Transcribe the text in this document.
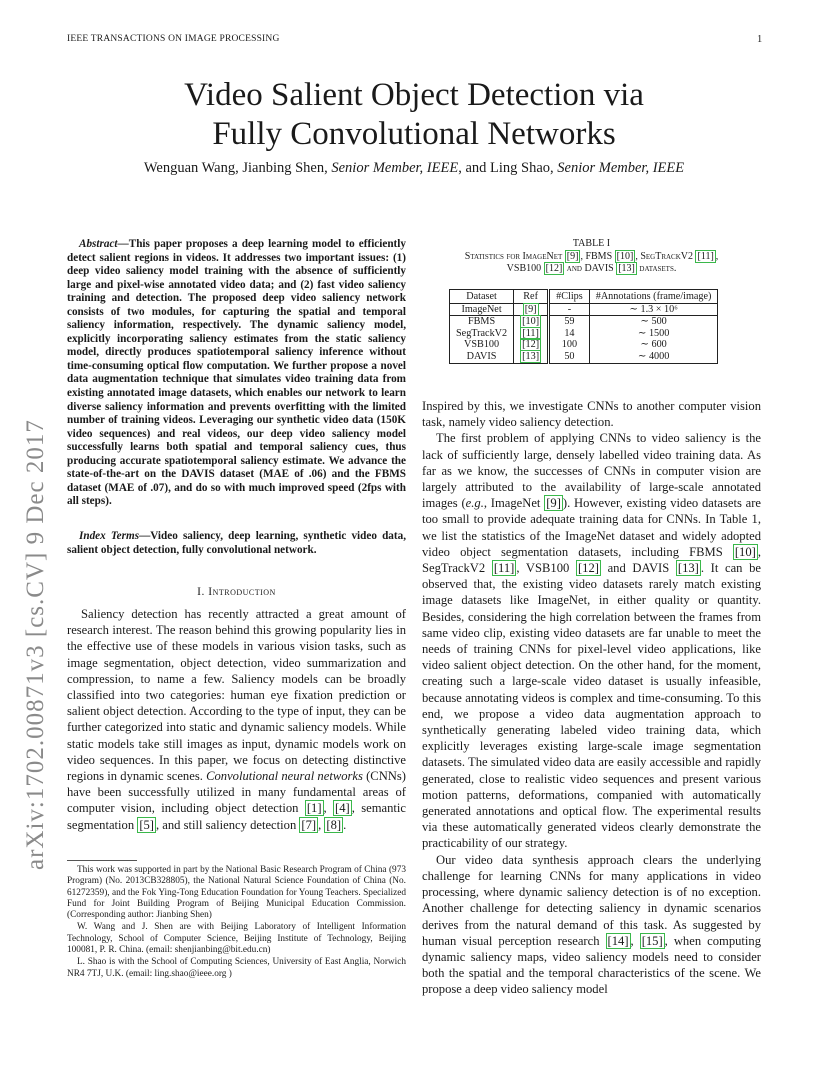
IEEE TRANSACTIONS ON IMAGE PROCESSING	1
arXiv:1702.00871v3 [cs.CV] 9 Dec 2017
Video Salient Object Detection via
Fully Convolutional Networks
Wenguan Wang, Jianbing Shen, Senior Member, IEEE, and Ling Shao, Senior Member, IEEE
Abstract—This paper proposes a deep learning model to efficiently detect salient regions in videos. It addresses two important issues: (1) deep video saliency model training with the absence of sufficiently large and pixel-wise annotated video data; and (2) fast video saliency training and detection. The proposed deep video saliency network consists of two modules, for capturing the spatial and temporal saliency information, respectively. The dynamic saliency model, explicitly incorporating saliency estimates from the static saliency model, directly produces spatiotemporal saliency inference without time-consuming optical flow computation. We further propose a novel data augmentation technique that simulates video training data from existing annotated image datasets, which enables our network to learn diverse saliency information and prevents overfitting with the limited number of training videos. Leveraging our synthetic video data (150K video sequences) and real videos, our deep video saliency model successfully learns both spatial and temporal saliency cues, thus producing accurate spatiotemporal saliency estimate. We advance the state-of-the-art on the DAVIS dataset (MAE of .06) and the FBMS dataset (MAE of .07), and do so with much improved speed (2fps with all steps).
Index Terms—Video saliency, deep learning, synthetic video data, salient object detection, fully convolutional network.
I. Introduction

Saliency detection has recently attracted a great amount of research interest. The reason behind this growing popularity lies in the effective use of these models in various vision tasks, such as image segmentation, object detection, video summarization and compression, to name a few. Saliency models can be broadly classified into two categories: human eye fixation prediction or salient object detection. According to the type of input, they can be further categorized into static and dynamic saliency models. While static models take still images as input, dynamic models work on video sequences. In this paper, we focus on detecting distinctive regions in dynamic scenes. Convolutional neural networks (CNNs) have been successfully utilized in many fundamental areas of computer vision, including object detection [1] , [4] , semantic segmentation [5] , and still saliency detection [7] , [8] .

This work was supported in part by the National Basic Research Program of China (973 Program) (No. 2013CB328805), the National Natural Science Foundation of China (No. 61272359), and the Fok Ying-Tong Education Foundation for Young Teachers. Specialized Fund for Joint Building Program of Beijing Municipal Education Commission. (Corresponding author: Jianbing Shen)

W. Wang and J. Shen are with Beijing Laboratory of Intelligent Information Technology, School of Computer Science, Beijing Institute of Technology, Beijing 100081, P. R. China. (email: shenjianbing@bit.edu.cn)

L. Shao is with the School of Computing Sciences, University of East Anglia, Norwich NR4 7TJ, U.K. (email: ling.shao@ieee.org )

TABLE I
Statistics for ImageNet [9] , FBMS [10] , SegTrackV2 [11] ,
VSB100 [12] and DAVIS [13] datasets.
Dataset	Ref	#Clips	#Annotations (frame/image)
ImageNet	[9]	-	∼ 1.3 × 10⁶
FBMS	[10]	59	∼ 500
SegTrackV2	[11]	14	∼ 1500
VSB100	[12]	100	∼ 600
DAVIS	[13]	50	∼ 4000

Inspired by this, we investigate CNNs to another computer vision task, namely video saliency detection.

The first problem of applying CNNs to video saliency is the lack of sufficiently large, densely labelled video training data. As far as we know, the successes of CNNs in computer vision are largely attributed to the availability of large-scale annotated images (e.g., ImageNet [9] ). However, existing video datasets are too small to provide adequate training data for CNNs. In Table 1, we list the statistics of the ImageNet dataset and widely adopted video object segmentation datasets, including FBMS [10] , SegTrackV2 [11] , VSB100 [12] and DAVIS [13] . It can be observed that, the existing video datasets rarely match existing image datasets like ImageNet, in either quality or quantity. Besides, considering the high correlation between the frames from same video clip, existing video datasets are far unable to meet the needs of training CNNs for pixel-level video applications, like video salient object detection. On the other hand, for the moment, creating such a large-scale video dataset is usually infeasible, because annotating videos is complex and time-consuming. To this end, we propose a video data augmentation approach to synthetically generating labeled video training data, which explicitly leverages existing large-scale image segmentation datasets. The simulated video data are easily accessible and rapidly generated, close to realistic video sequences and present various motion patterns, deformations, companied with automatically generated annotations and optical flow. The experimental results via these automatically generated videos clearly demonstrate the practicability of our strategy.

Our video data synthesis approach clears the underlying challenge for learning CNNs for many applications in video processing, where dynamic saliency detection is of no exception. Another challenge for detecting saliency in dynamic scenarios derives from the natural demand of this task. As suggested by human visual perception research [14] , [15] , when computing dynamic saliency maps, video saliency models need to consider both the spatial and the temporal characteristics of the scene. We propose a deep video saliency model
